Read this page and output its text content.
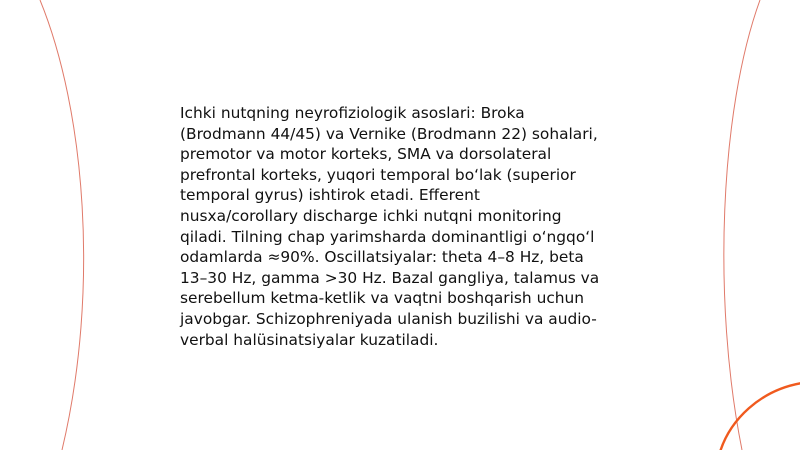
Ichki nutqning neyrofiziologik asoslari: Broka
(Brodmann 44/45) va Vernike (Brodmann 22) sohalari,
premotor va motor korteks, SMA va dorsolateral
prefrontal korteks, yuqori temporal boʻlak (superior
temporal gyrus) ishtirok etadi. Efferent
nusxa/corollary discharge ichki nutqni monitoring
qiladi. Tilning chap yarimsharda dominantligi oʻngqoʻl
odamlarda ≈90%. Oscillatsiyalar: theta 4–8 Hz, beta
13–30 Hz, gamma >30 Hz. Bazal gangliya, talamus va
serebellum ketma-ketlik va vaqtni boshqarish uchun
javobgar. Schizophreniyada ulanish buzilishi va audio-
verbal halüsinatsiyalar kuzatiladi.
